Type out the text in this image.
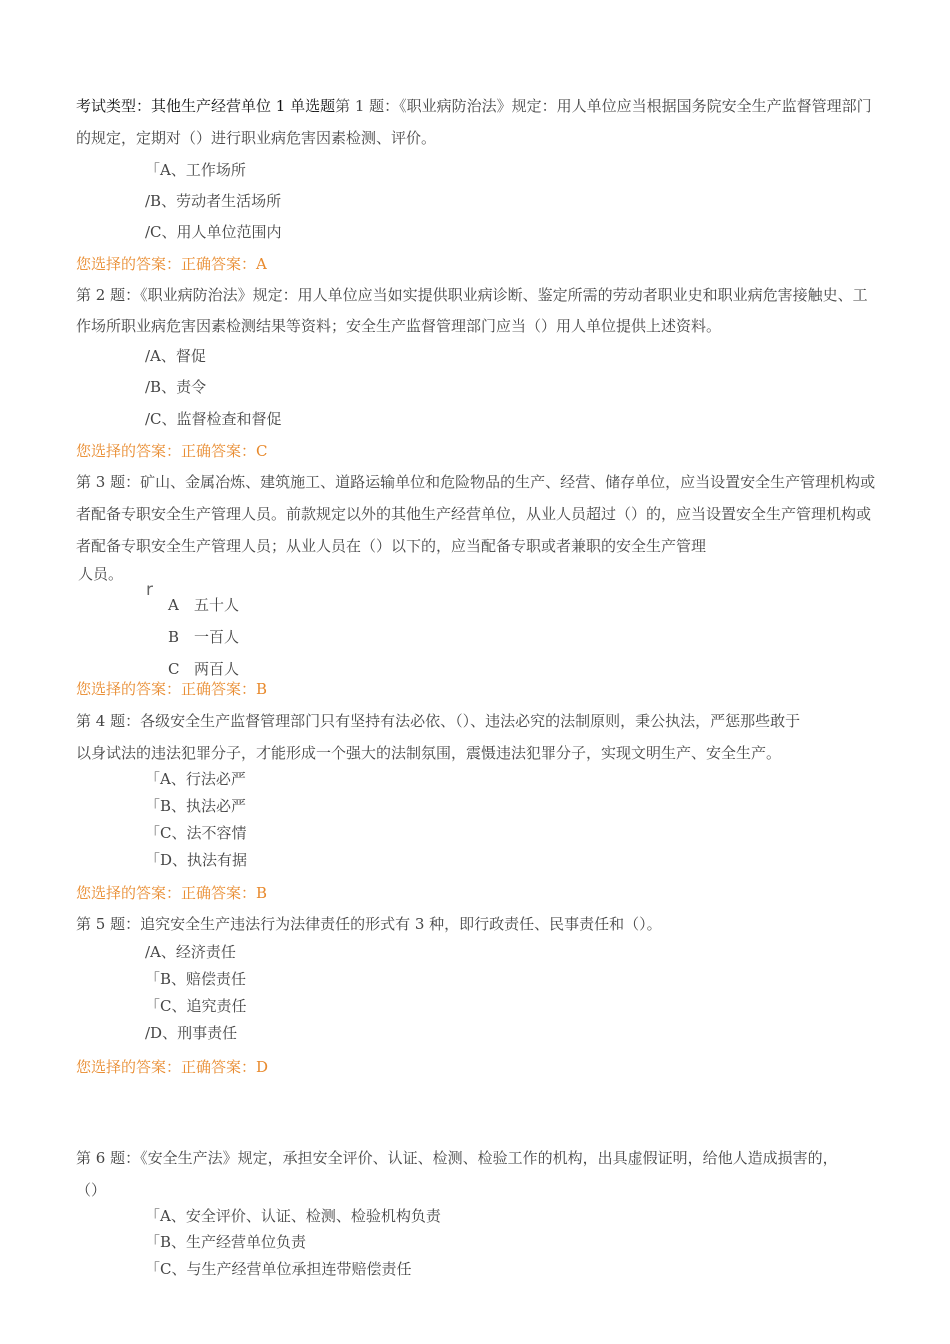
考试类型：其他生产经营单位 1 单选题第 1 题：《职业病防治法》规定：用人单位应当根据国务院安全生产监督管理部门
的规定，定期对（）进行职业病危害因素检测、评价。
「A、工作场所
/B、劳动者生活场所
/C、用人单位范围内
您选择的答案：正确答案：A
第 2 题：《职业病防治法》规定：用人单位应当如实提供职业病诊断、鉴定所需的劳动者职业史和职业病危害接触史、工
作场所职业病危害因素检测结果等资料；安全生产监督管理部门应当（）用人单位提供上述资料。
/A、督促
/B、责令
/C、监督检查和督促
您选择的答案：正确答案：C
第 3 题：矿山、金属冶炼、建筑施工、道路运输单位和危险物品的生产、经营、储存单位，应当设置安全生产管理机构或
者配备专职安全生产管理人员。前款规定以外的其他生产经营单位，从业人员超过（）的，应当设置安全生产管理机构或
者配备专职安全生产管理人员；从业人员在（）以下的，应当配备专职或者兼职的安全生产管理
人员。
r
A 五十人
B 一百人
C 两百人
您选择的答案：正确答案：B
第 4 题：各级安全生产监督管理部门只有坚持有法必依、（）、违法必究的法制原则，秉公执法，严惩那些敢于
以身试法的违法犯罪分子，才能形成一个强大的法制氛围，震慑违法犯罪分子，实现文明生产、安全生产。
「A、行法必严
「B、执法必严
「C、法不容情
「D、执法有据
您选择的答案：正确答案：B
第 5 题：追究安全生产违法行为法律责任的形式有 3 种，即行政责任、民事责任和（）。
/A、经济责任
「B、赔偿责任
「C、追究责任
/D、刑事责任
您选择的答案：正确答案：D
第 6 题：《安全生产法》规定，承担安全评价、认证、检测、检验工作的机构，出具虚假证明，给他人造成损害的，
（）
「A、安全评价、认证、检测、检验机构负责
「B、生产经营单位负责
「C、与生产经营单位承担连带赔偿责任
